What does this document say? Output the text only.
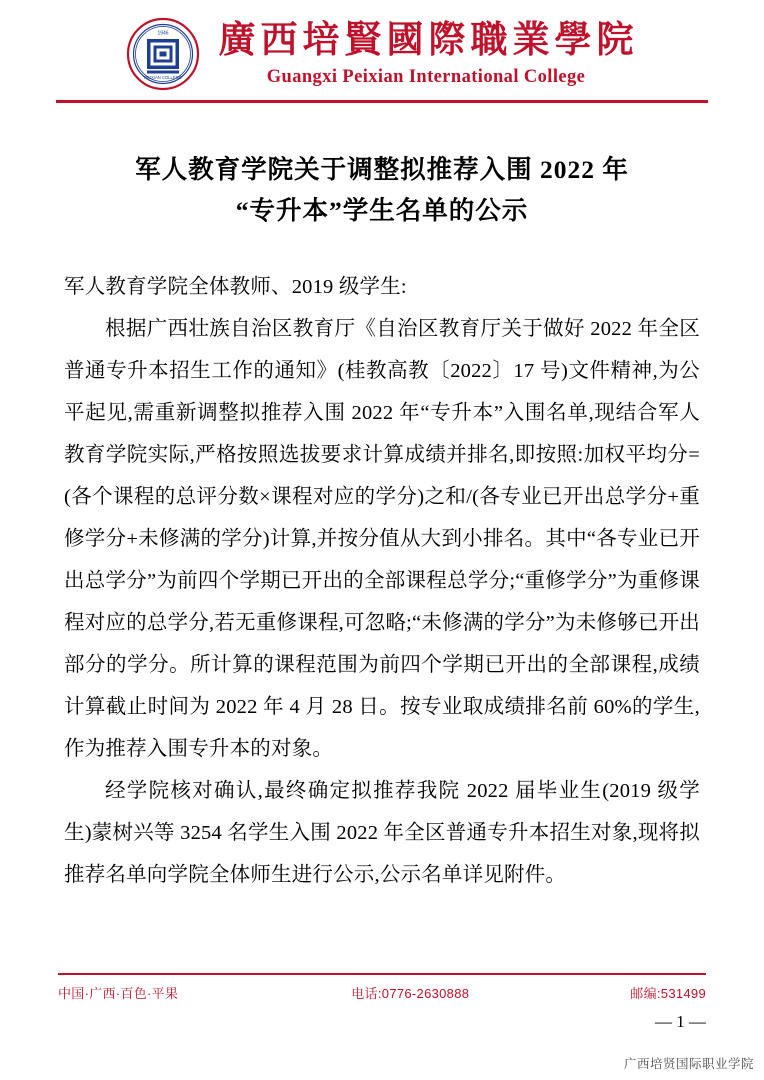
1946
PEIXIAN COLLEGE
廣西培賢國際職業學院
Guangxi Peixian International College
军人教育学院关于调整拟推荐入围 2022 年
“专升本”学生名单的公示

军人教育学院全体教师、2019 级学生:

根据广西壮族自治区教育厅《自治区教育厅关于做好 2022 年全区普通专升本招生工作的通知》(桂教高教〔2022〕17 号)文件精神,为公平起见,需重新调整拟推荐入围 2022 年“专升本”入围名单,现结合军人教育学院实际,严格按照选拔要求计算成绩并排名,即按照:加权平均分=(各个课程的总评分数×课程对应的学分)之和/(各专业已开出总学分+重修学分+未修满的学分)计算,并按分值从大到小排名。其中“各专业已开出总学分”为前四个学期已开出的全部课程总学分;“重修学分”为重修课程对应的总学分,若无重修课程,可忽略;“未修满的学分”为未修够已开出部分的学分。所计算的课程范围为前四个学期已开出的全部课程,成绩计算截止时间为 2022 年 4 月 28 日。按专业取成绩排名前 60%的学生,作为推荐入围专升本的对象。

经学院核对确认,最终确定拟推荐我院 2022 届毕业生(2019 级学生)蒙树兴等 3254 名学生入围 2022 年全区普通专升本招生对象,现将拟推荐名单向学院全体师生进行公示,公示名单详见附件。

中国·广西·百色·平果	电话:0776-2630888	邮编:531499
— 1 —
广西培贤国际职业学院
